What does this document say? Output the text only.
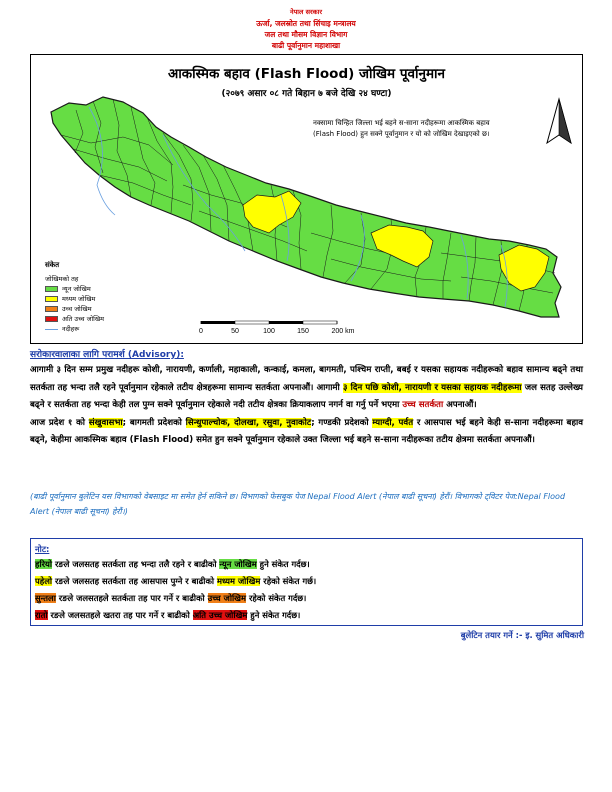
नेपाल सरकार
ऊर्जा, जलस्रोत तथा सिंचाइ मन्त्रालय
जल तथा मौसम विज्ञान विभाग
बाढी पूर्वानुमान महाशाखा
0	50	100	150	200 km
आकस्मिक बहाव (Flash Flood) जोखिम पूर्वानुमान
(२०७९ असार ०८ गते बिहान ७ बजे देखि २४ घण्टा)
नक्सामा चिन्हित जिल्ला भई बहने स-साना नदीहरूमा आकस्मिक बहाव (Flash Flood) हुन सक्ने पूर्वानुमान र यो को जोखिम देखाइएको छ।
संकेत
जोखिमको तह
न्यून जोखिम
मध्यम जोखिम
उच्च जोखिम
अति उच्च जोखिम
नदीहरू
सरोकारवालाका लागि परामर्श (Advisory):
आगामी ३ दिन सम्म प्रमुख नदीहरू कोशी, नारायणी, कर्णाली, महाकाली, कन्काई, कमला, बागमती, पश्चिम राप्ती, बबई र यसका सहायक नदीहरूको बहाव सामान्य बढ्ने तथा सतर्कता तह भन्दा तलै रहने पूर्वानुमान रहेकाले तटीय क्षेत्रहरूमा सामान्य सतर्कता अपनाऔं। आगामी ३ दिन पछि कोशी, नारायणी र यसका सहायक नदीहरूमा जल सतह उल्लेख्य बढ्ने र सतर्कता तह भन्दा केही तल पुग्न सक्ने पूर्वानुमान रहेकाले नदी तटीय क्षेत्रका क्रियाकलाप नगर्न वा गर्नु पर्ने भएमा उच्च सतर्कता अपनाऔं।
आज प्रदेश १ को संखुवासभा; बागमती प्रदेशको सिन्धुपाल्चोक, दोलखा, रसुवा, नुवाकोट; गण्डकी प्रदेशको म्याग्दी, पर्वत र आसपास भई बहने केही स-साना नदीहरूमा बहाव बढ्ने, केहीमा आकस्मिक बहाव (Flash Flood) समेत हुन सक्ने पूर्वानुमान रहेकाले उक्त जिल्ला भई बहने स-साना नदीहरूका तटीय क्षेत्रमा सतर्कता अपनाऔं।
(बाढी पूर्वानुमान बुलेटिन यस विभागको वेबसाइट मा समेत हेर्न सकिने छ। विभागको फेसबुक पेज Nepal Flood Alert (नेपाल बाढी सूचना) हेरौं। विभागको ट्विटर पेज:Nepal Flood Alert (नेपाल बाढी सूचना) हेरौं।)
नोट:
हरियो रङले जलसतह सतर्कता तह भन्दा तलै रहने र बाढीको न्यून जोखिम हुने संकेत गर्दछ।
पहेलो रङले जलसतह सतर्कता तह आसपास पुग्ने र बाढीको मध्यम जोखिम रहेको संकेत गर्छ।
सुन्तला रङले जलसतहले सतर्कता तह पार गर्ने र बाढीको उच्च जोखिम रहेको संकेत गर्दछ।
रातो रङले जलसतहले खतरा तह पार गर्ने र बाढीको अति उच्च जोखिम हुने संकेत गर्दछ।
बुलेटिन तयार गर्ने :- इ. सुमित अधिकारी
